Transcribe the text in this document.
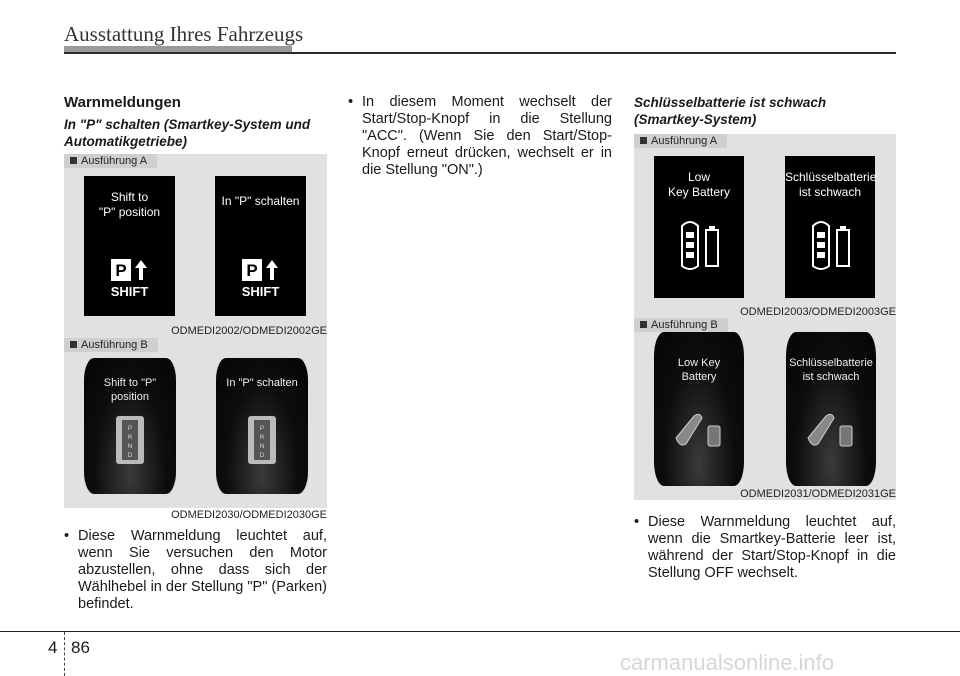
Ausstattung Ihres Fahrzeugs
Warnmeldungen
In "P" schalten (Smartkey-System und Automatikgetriebe)
Ausführung A
Shift to
"P" position
P
SHIFT
In "P" schalten
P
SHIFT
ODMEDI2002/ODMEDI2002GE
Ausführung B
Shift to "P" position
P
R
N
D
In "P" schalten
P
R
N
D
ODMEDI2030/ODMEDI2030GE
• Diese Warnmeldung leuchtet auf, wenn Sie versuchen den Motor abzustellen, ohne dass sich der Wählhebel in der Stellung "P" (Parken) befindet.
• In diesem Moment wechselt der Start/Stop-Knopf in die Stellung "ACC". (Wenn Sie den Start/Stop-Knopf erneut drücken, wechselt er in die Stellung "ON".)
Schlüsselbatterie ist schwach (Smartkey-System)
Ausführung A
Low
Key Battery
Schlüsselbatterie
ist schwach
ODMEDI2003/ODMEDI2003GE
Ausführung B
Low Key
Battery
Schlüsselbatterie
ist schwach
ODMEDI2031/ODMEDI2031GE
• Diese Warnmeldung leuchtet auf, wenn die Smartkey-Batterie leer ist, während der Start/Stop-Knopf in die Stellung OFF wechselt.
4 86
carmanualsonline.info
